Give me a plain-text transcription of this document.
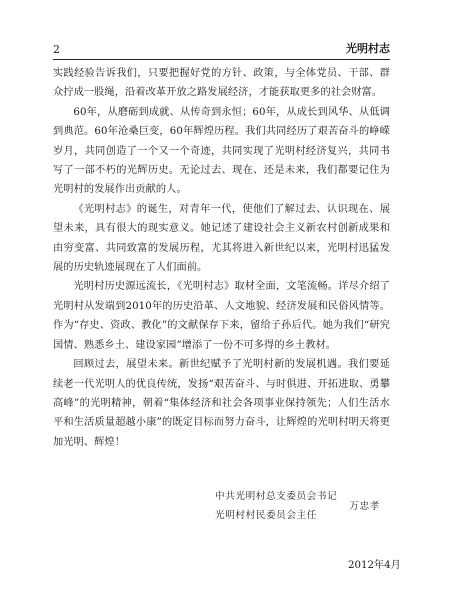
2	光明村志

实践经验告诉我们，只要把握好党的方针、政策，与全体党员、干部、群众拧成一股绳，沿着改革开放之路发展经济，才能获取更多的社会财富。

60年，从磨砺到成就、从传奇到永恒；60年，从成长到风华、从低调到典范。60年沧桑巨变，60年辉煌历程。我们共同经历了艰苦奋斗的峥嵘岁月，共同创造了一个又一个奇迹，共同实现了光明村经济复兴，共同书写了一部不朽的光辉历史。无论过去、现在、还是未来，我们都要记住为光明村的发展作出贡献的人。

《光明村志》的诞生，对青年一代，使他们了解过去、认识现在、展望未来，具有很大的现实意义。她记述了建设社会主义新农村创新成果和由穷变富、共同致富的发展历程，尤其将进入新世纪以来，光明村迅猛发展的历史轨迹展现在了人们面前。

光明村历史源远流长，《光明村志》取材全面，文笔流畅。详尽介绍了光明村从发端到2010年的历史沿革、人文地貌、经济发展和民俗风情等。作为“存史、资政、教化”的文献保存下来，留给子孙后代。她为我们“研究国情、熟悉乡土、建设家园”增添了一份不可多得的乡土教材。

回顾过去，展望未来。新世纪赋予了光明村新的发展机遇。我们要延续老一代光明人的优良传统，发扬“艰苦奋斗、与时俱进、开拓进取、勇攀高峰”的光明精神，朝着“集体经济和社会各项事业保持领先；人们生活水平和生活质量超越小康”的既定目标而努力奋斗，让辉煌的光明村明天将更加光明、辉煌！

中共光明村总支委员会书记
光明村村民委员会主任
万忠孝
2012年4月
